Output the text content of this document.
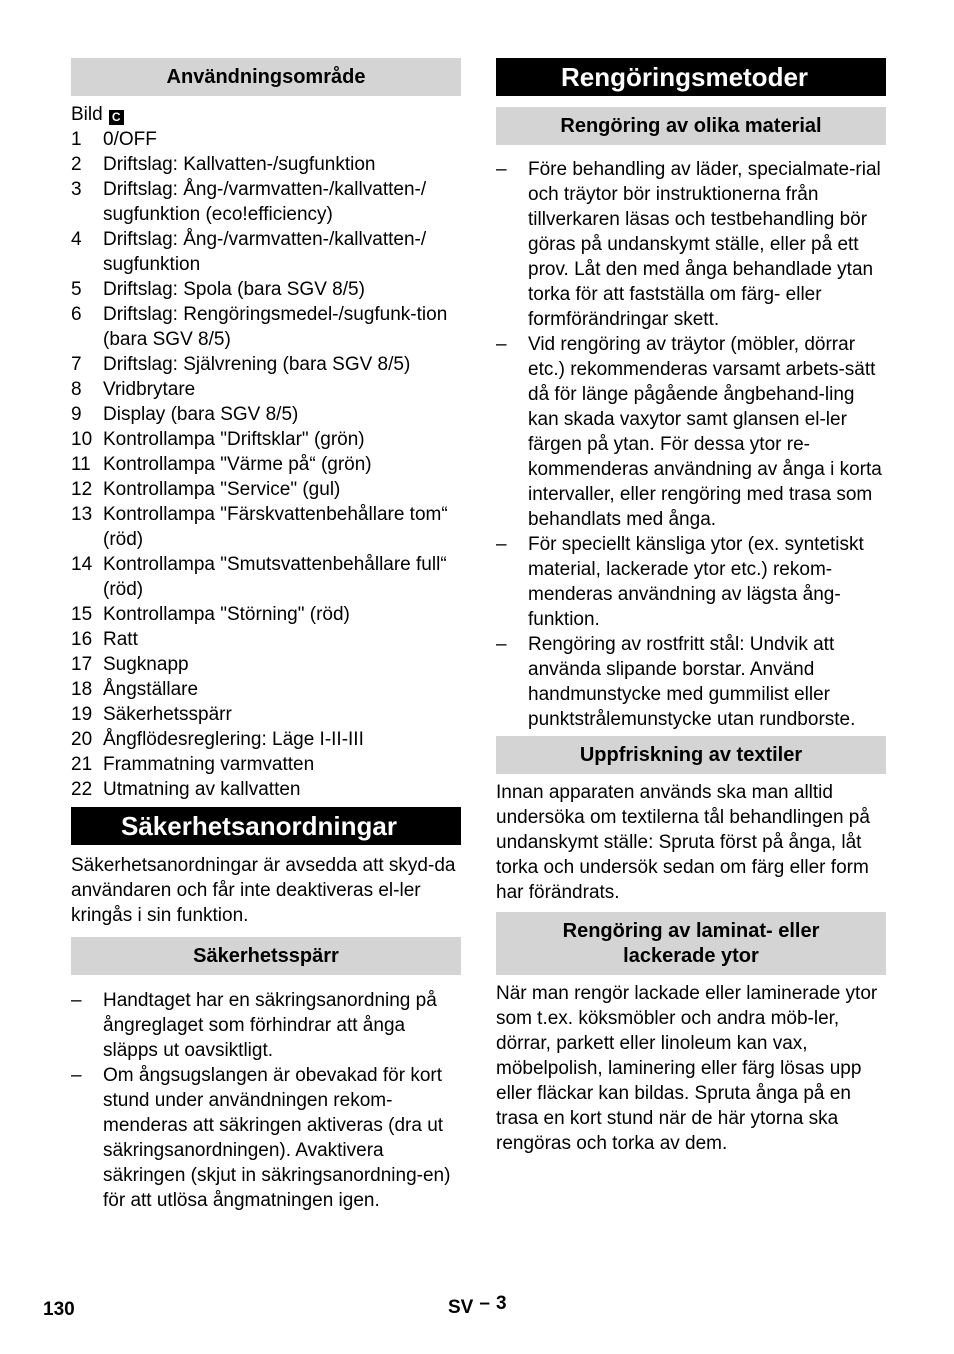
Användningsområde
Bild C
1	0/OFF
2	Driftslag: Kallvatten-/sugfunktion
3	Driftslag: Ång-/varmvatten-/kallvatten-/ sugfunktion (eco!efficiency)
4	Driftslag: Ång-/varmvatten-/kallvatten-/ sugfunktion
5	Driftslag: Spola (bara SGV 8/5)
6	Driftslag: Rengöringsmedel-/sugfunk-tion (bara SGV 8/5)
7	Driftslag: Självrening (bara SGV 8/5)
8	Vridbrytare
9	Display (bara SGV 8/5)
10 Kontrollampa "Driftsklar" (grön)
11 Kontrollampa "Värme på“ (grön)
12 Kontrollampa "Service" (gul)
13 Kontrollampa "Färskvattenbehållare tom“ (röd)
14 Kontrollampa "Smutsvattenbehållare full“ (röd)
15 Kontrollampa "Störning" (röd)
16 Ratt
17 Sugknapp
18 Ångställare
19 Säkerhetsspärr
20 Ångflödesreglering: Läge I-II-III
21 Frammatning varmvatten
22 Utmatning av kallvatten
Säkerhetsanordningar

Säkerhetsanordningar är avsedda att skyd-da användaren och får inte deaktiveras el-ler kringås i sin funktion.

Säkerhetsspärr
–	Handtaget har en säkringsanordning på ångreglaget som förhindrar att ånga släpps ut oavsiktligt.
–	Om ångsugslangen är obevakad för kort stund under användningen rekom-menderas att säkringen aktiveras (dra ut säkringsanordningen). Avaktivera säkringen (skjut in säkringsanordning-en) för att utlösa ångmatningen igen.
Rengöringsmetoder
Rengöring av olika material
–	Före behandling av läder, specialmate-rial och träytor bör instruktionerna från tillverkaren läsas och testbehandling bör göras på undanskymt ställe, eller på ett prov. Låt den med ånga behandlade ytan torka för att fastställa om färg- eller formförändringar skett.
–	Vid rengöring av träytor (möbler, dörrar etc.) rekommenderas varsamt arbets-sätt då för länge pågående ångbehand-ling kan skada vaxytor samt glansen el-ler färgen på ytan. För dessa ytor re-kommenderas användning av ånga i korta intervaller, eller rengöring med trasa som behandlats med ånga.
–	För speciellt känsliga ytor (ex. syntetiskt material, lackerade ytor etc.) rekom-menderas användning av lägsta ång-funktion.
–	Rengöring av rostfritt stål: Undvik att använda slipande borstar. Använd handmunstycke med gummilist eller punktstrålemunstycke utan rundborste.
Uppfriskning av textiler

Innan apparaten används ska man alltid undersöka om textilerna tål behandlingen på undanskymt ställe: Spruta först på ånga, låt torka och undersök sedan om färg eller form har förändrats.

Rengöring av laminat- eller
lackerade ytor

När man rengör lackade eller laminerade ytor som t.ex. köksmöbler och andra möb-ler, dörrar, parkett eller linoleum kan vax, möbelpolish, laminering eller färg lösas upp eller fläckar kan bildas. Spruta ånga på en trasa en kort stund när de här ytorna ska rengöras och torka av dem.

130	SV – 3
